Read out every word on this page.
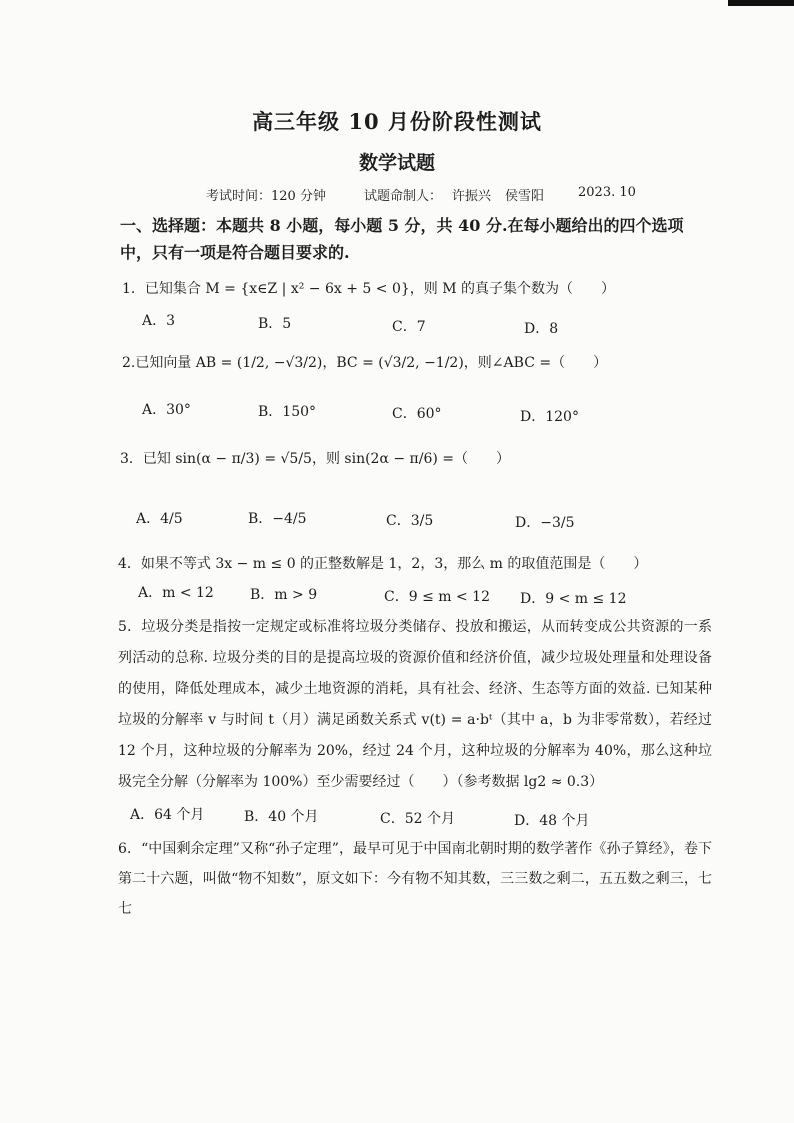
高三年级 10 月份阶段性测试
数学试题
考试时间：120 分钟	试题命制人： 许振兴 侯雪阳	2023. 10
一、选择题：本题共 8 小题，每小题 5 分，共 40 分.在每小题给出的四个选项中，只有一项是符合题目要求的.
1．已知集合 M = {x∈Z | x² − 6x + 5 < 0}，则 M 的真子集个数为（　　）
A．3	B．5	C．7	D．8
2.已知向量 AB = (1/2, −√3/2)，BC = (√3/2, −1/2)，则∠ABC =（　　）
A．30°	B．150°	C．60°	D．120°
3．已知 sin(α − π/3) = √5/5，则 sin(2α − π/6) =（　　）
A．4/5	B．−4/5	C．3/5	D．−3/5
4．如果不等式 3x − m ≤ 0 的正整数解是 1，2，3，那么 m 的取值范围是（　　）
A．m < 12	B．m > 9	C．9 ≤ m < 12 D．9 < m ≤ 12
5．垃圾分类是指按一定规定或标准将垃圾分类储存、投放和搬运，从而转变成公共资源的一系列活动的总称. 垃圾分类的目的是提高垃圾的资源价值和经济价值，减少垃圾处理量和处理设备的使用，降低处理成本，减少土地资源的消耗，具有社会、经济、生态等方面的效益. 已知某种垃圾的分解率 v 与时间 t（月）满足函数关系式 v(t) = a·bᵗ（其中 a，b 为非零常数），若经过 12 个月，这种垃圾的分解率为 20%，经过 24 个月，这种垃圾的分解率为 40%，那么这种垃圾完全分解（分解率为 100%）至少需要经过（　　）（参考数据 lg2 ≈ 0.3）
A．64 个月	B．40 个月	C．52 个月	D．48 个月
6．“中国剩余定理”又称“孙子定理”，最早可见于中国南北朝时期的数学著作《孙子算经》，卷下第二十六题，叫做“物不知数”，原文如下：今有物不知其数，三三数之剩二，五五数之剩三，七七
